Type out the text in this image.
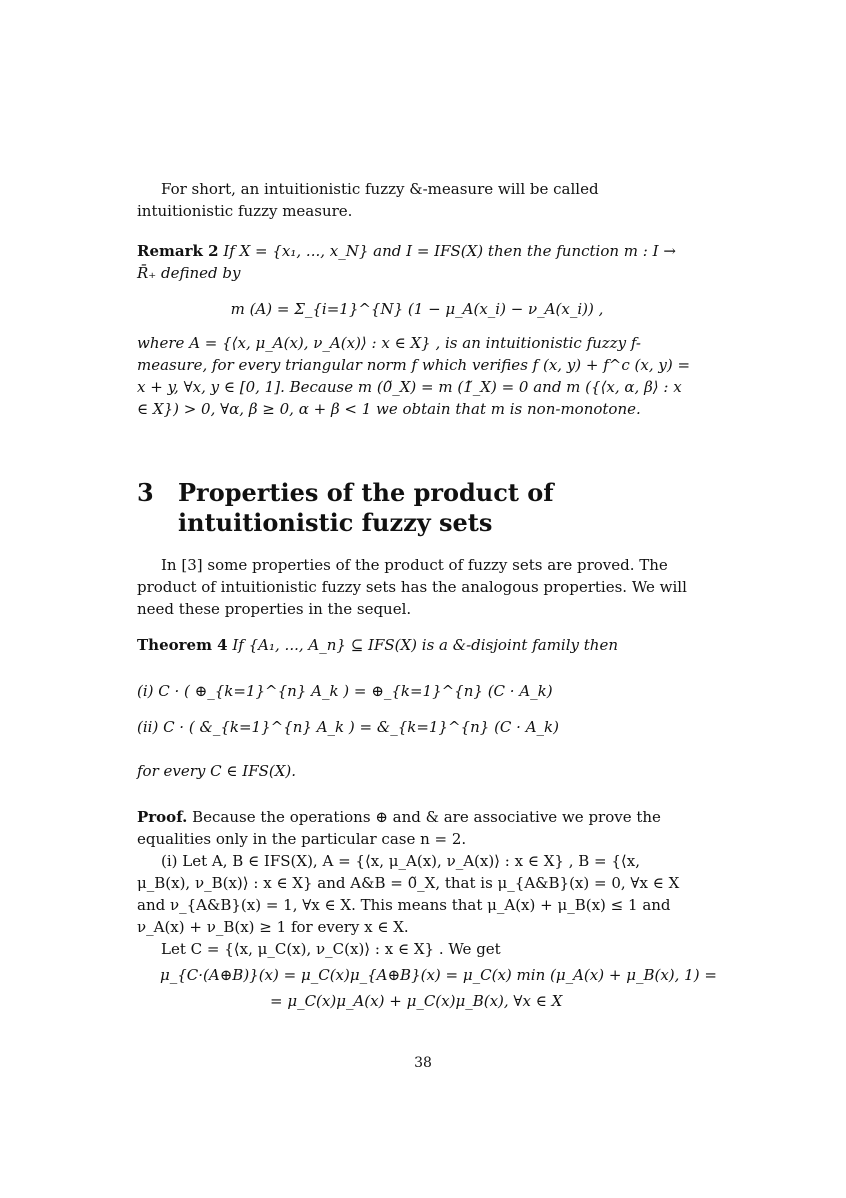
For short, an intuitionistic fuzzy &-measure will be called intuitionistic fuzzy measure.

Remark 2 If X = {x₁, ..., x_N} and I = IFS(X) then the function m : I → R̄₊ defined by

m (A) = Σ_{i=1}^{N} (1 − μ_A(x_i) − ν_A(x_i)) ,

where A = {⟨x, μ_A(x), ν_A(x)⟩ : x ∈ X} , is an intuitionistic fuzzy f-measure, for every triangular norm f which verifies f (x, y) + f^c (x, y) = x + y, ∀x, y ∈ [0, 1]. Because m (0̃_X) = m (1̃_X) = 0 and m ({⟨x, α, β⟩ : x ∈ X}) > 0, ∀α, β ≥ 0, α + β < 1 we obtain that m is non-monotone.

3 Properties of the product of intuitionistic fuzzy sets

In [3] some properties of the product of fuzzy sets are proved. The product of intuitionistic fuzzy sets has the analogous properties. We will need these properties in the sequel.

Theorem 4 If {A₁, ..., A_n} ⊆ IFS(X) is a &-disjoint family then

(i) C · ( ⊕_{k=1}^{n} A_k ) = ⊕_{k=1}^{n} (C · A_k)
(ii) C · ( &_{k=1}^{n} A_k ) = &_{k=1}^{n} (C · A_k)
for every C ∈ IFS(X).

Proof. Because the operations ⊕ and & are associative we prove the equalities only in the particular case n = 2.

(i) Let A, B ∈ IFS(X), A = {⟨x, μ_A(x), ν_A(x)⟩ : x ∈ X} , B = {⟨x, μ_B(x), ν_B(x)⟩ : x ∈ X} and A&B = 0̃_X, that is μ_{A&B}(x) = 0, ∀x ∈ X and ν_{A&B}(x) = 1, ∀x ∈ X. This means that μ_A(x) + μ_B(x) ≤ 1 and ν_A(x) + ν_B(x) ≥ 1 for every x ∈ X.

Let C = {⟨x, μ_C(x), ν_C(x)⟩ : x ∈ X} . We get

μ_{C·(A⊕B)}(x) = μ_C(x)μ_{A⊕B}(x) = μ_C(x) min (μ_A(x) + μ_B(x), 1) =
= μ_C(x)μ_A(x) + μ_C(x)μ_B(x), ∀x ∈ X
38
